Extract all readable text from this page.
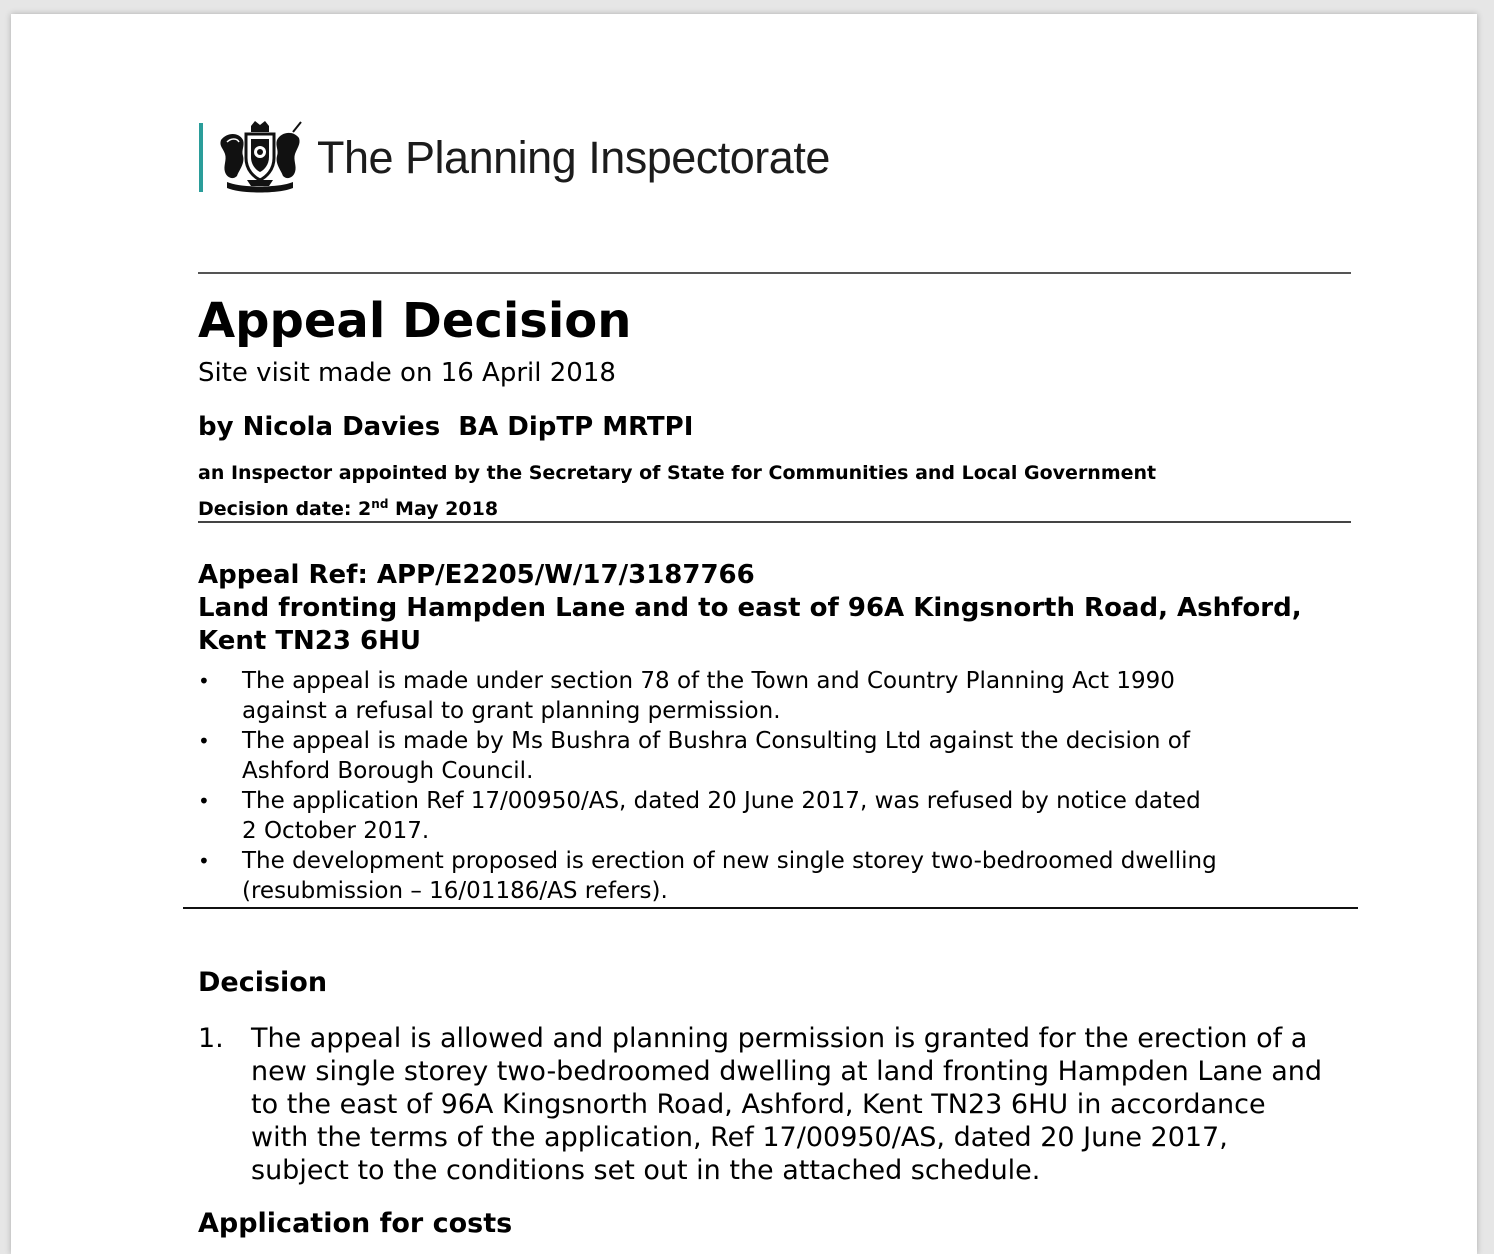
The Planning Inspectorate
Appeal Decision
Site visit made on 16 April 2018
by Nicola Davies  BA DipTP MRTPI
an Inspector appointed by the Secretary of State for Communities and Local Government
Decision date: 2nd May 2018
Appeal Ref: APP/E2205/W/17/3187766
Land fronting Hampden Lane and to east of 96A Kingsnorth Road, Ashford,
Kent TN23 6HU
• The appeal is made under section 78 of the Town and Country Planning Act 1990
against a refusal to grant planning permission.
• The appeal is made by Ms Bushra of Bushra Consulting Ltd against the decision of
Ashford Borough Council.
• The application Ref 17/00950/AS, dated 20 June 2017, was refused by notice dated
2 October 2017.
• The development proposed is erection of new single storey two-bedroomed dwelling
(resubmission – 16/01186/AS refers).
Decision
1. The appeal is allowed and planning permission is granted for the erection of a
new single storey two-bedroomed dwelling at land fronting Hampden Lane and
to the east of 96A Kingsnorth Road, Ashford, Kent TN23 6HU in accordance
with the terms of the application, Ref 17/00950/AS, dated 20 June 2017,
subject to the conditions set out in the attached schedule.
Application for costs
